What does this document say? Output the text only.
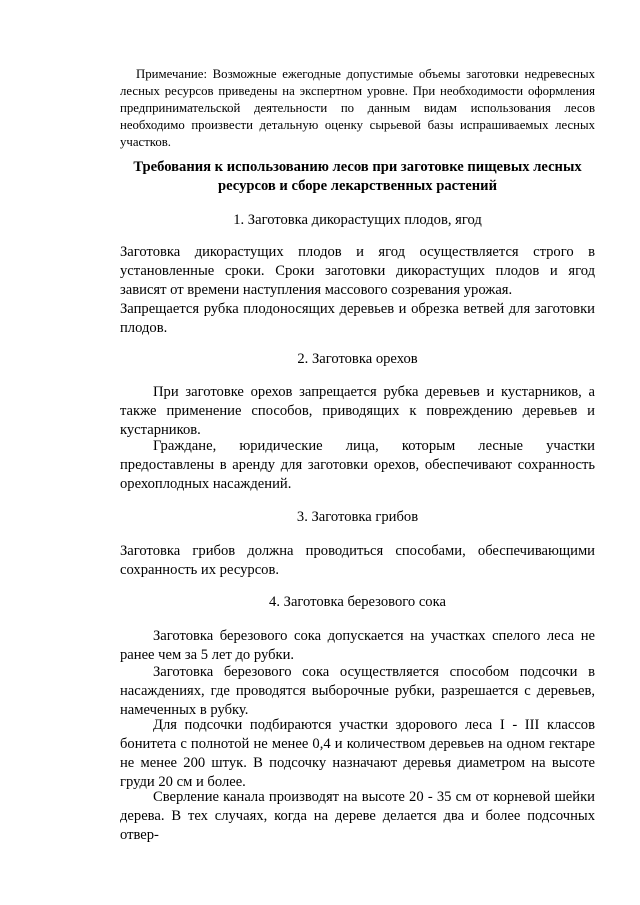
Примечание: Возможные ежегодные допустимые объемы заготовки недревесных лесных ресурсов приведены на экспертном уровне. При необходимости оформления предпринимательской деятельности по данным видам использования лесов необходимо произвести детальную оценку сырьевой базы испрашиваемых лесных участков.

Требования к использованию лесов при заготовке пищевых лесных ресурсов и сборе лекарственных растений

1. Заготовка дикорастущих плодов, ягод

Заготовка дикорастущих плодов и ягод осуществляется строго в установленные сроки. Сроки заготовки дикорастущих плодов и ягод зависят от времени наступления массового созревания урожая.

Запрещается рубка плодоносящих деревьев и обрезка ветвей для заготовки плодов.

2. Заготовка орехов

При заготовке орехов запрещается рубка деревьев и кустарников, а также применение способов, приводящих к повреждению деревьев и кустарников.

Граждане, юридические лица, которым лесные участки предоставлены в аренду для заготовки орехов, обеспечивают сохранность орехоплодных насаждений.

3. Заготовка грибов

Заготовка грибов должна проводиться способами, обеспечивающими сохранность их ресурсов.

4. Заготовка березового сока

Заготовка березового сока допускается на участках спелого леса не ранее чем за 5 лет до рубки.

Заготовка березового сока осуществляется способом подсочки в насаждениях, где проводятся выборочные рубки, разрешается с деревьев, намеченных в рубку.

Для подсочки подбираются участки здорового леса I - III классов бонитета с полнотой не менее 0,4 и количеством деревьев на одном гектаре не менее 200 штук. В подсочку назначают деревья диаметром на высоте груди 20 см и более.

Сверление канала производят на высоте 20 - 35 см от корневой шейки дерева. В тех случаях, когда на дереве делается два и более подсочных отвер-
